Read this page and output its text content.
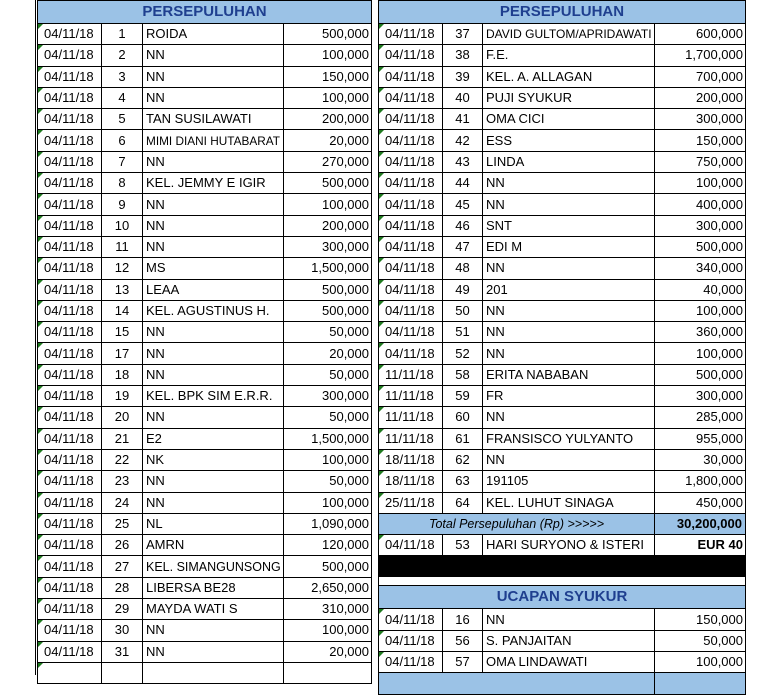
PERSEPULUHAN			
04/11/18	1	ROIDA	500,000
04/11/18	2	NN	100,000
04/11/18	3	NN	150,000
04/11/18	4	NN	100,000
04/11/18	5	TAN SUSILAWATI	200,000
04/11/18	6	MIMI DIANI HUTABARAT	20,000
04/11/18	7	NN	270,000
04/11/18	8	KEL. JEMMY E IGIR	500,000
04/11/18	9	NN	100,000
04/11/18	10	NN	200,000
04/11/18	11	NN	300,000
04/11/18	12	MS	1,500,000
04/11/18	13	LEAA	500,000
04/11/18	14	KEL. AGUSTINUS H.	500,000
04/11/18	15	NN	50,000
04/11/18	17	NN	20,000
04/11/18	18	NN	50,000
04/11/18	19	KEL. BPK SIM E.R.R.	300,000
04/11/18	20	NN	50,000
04/11/18	21	E2	1,500,000
04/11/18	22	NK	100,000
04/11/18	23	NN	50,000
04/11/18	24	NN	100,000
04/11/18	25	NL	1,090,000
04/11/18	26	AMRN	120,000
04/11/18	27	KEL. SIMANGUNSONG	500,000
04/11/18	28	LIBERSA BE28	2,650,000
04/11/18	29	MAYDA WATI S	310,000
04/11/18	30	NN	100,000
04/11/18	31	NN	20,000

PERSEPULUHAN			
04/11/18	37	DAVID GULTOM/APRIDAWATI	600,000
04/11/18	38	F.E.	1,700,000
04/11/18	39	KEL. A. ALLAGAN	700,000
04/11/18	40	PUJI SYUKUR	200,000
04/11/18	41	OMA CICI	300,000
04/11/18	42	ESS	150,000
04/11/18	43	LINDA	750,000
04/11/18	44	NN	100,000
04/11/18	45	NN	400,000
04/11/18	46	SNT	300,000
04/11/18	47	EDI M	500,000
04/11/18	48	NN	340,000
04/11/18	49	201	40,000
04/11/18	50	NN	100,000
04/11/18	51	NN	360,000
04/11/18	52	NN	100,000
11/11/18	58	ERITA NABABAN	500,000
11/11/18	59	FR	300,000
11/11/18	60	NN	285,000
11/11/18	61	FRANSISCO YULYANTO	955,000
18/11/18	62	NN	30,000
18/11/18	63	191105	1,800,000
25/11/18	64	KEL. LUHUT SINAGA	450,000
Total Persepuluhan (Rp) >>>>>			30,200,000
04/11/18	53	HARI SURYONO & ISTERI	EUR 40

UCAPAN SYUKUR			
04/11/18	16	NN	150,000
04/11/18	56	S. PANJAITAN	50,000
04/11/18	57	OMA LINDAWATI	100,000
